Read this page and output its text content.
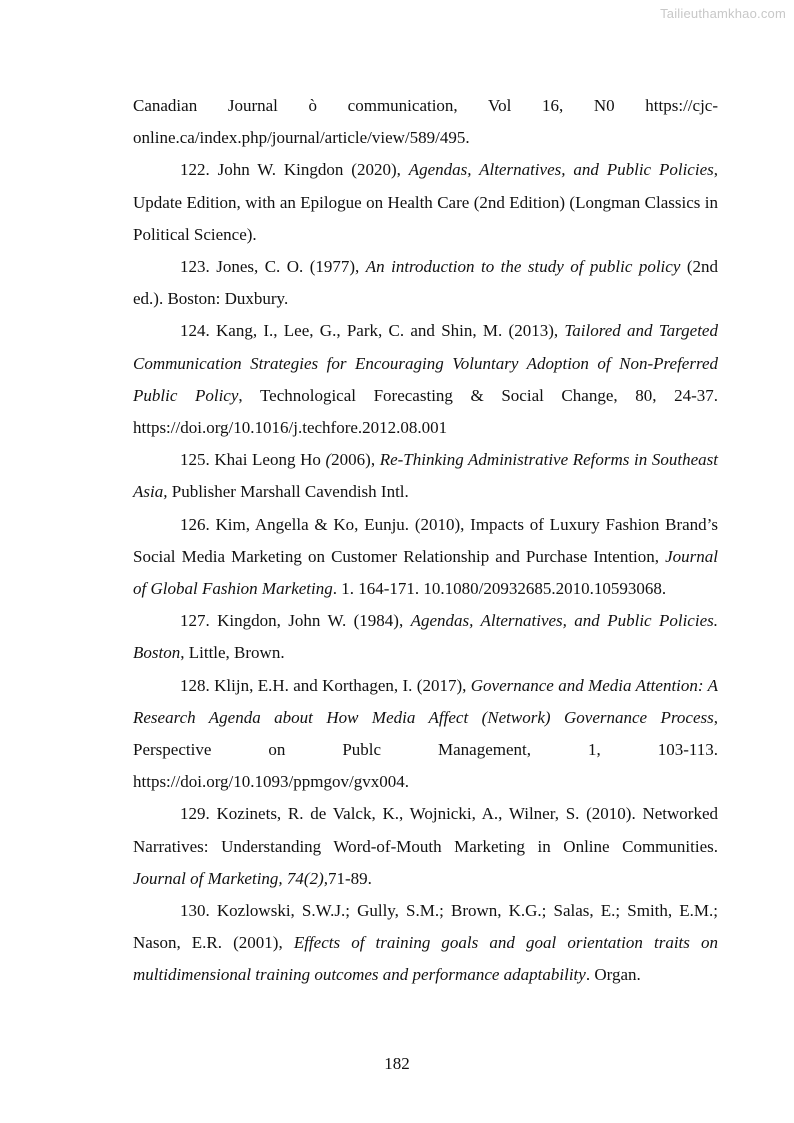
Tailieuthamkhao.com

Canadian Journal ò communication, Vol 16, N0 https://cjc-online.ca/index.php/journal/article/view/589/495.

122. John W. Kingdon (2020), Agendas, Alternatives, and Public Policies, Update Edition, with an Epilogue on Health Care (2nd Edition) (Longman Classics in Political Science).

123. Jones, C. O. (1977), An introduction to the study of public policy (2nd ed.). Boston: Duxbury.

124. Kang, I., Lee, G., Park, C. and Shin, M. (2013), Tailored and Targeted Communication Strategies for Encouraging Voluntary Adoption of Non-Preferred Public Policy, Technological Forecasting & Social Change, 80, 24-37. https://doi.org/10.1016/j.techfore.2012.08.001

125. Khai Leong Ho (2006), Re-Thinking Administrative Reforms in Southeast Asia, Publisher Marshall Cavendish Intl.

126. Kim, Angella & Ko, Eunju. (2010), Impacts of Luxury Fashion Brand’s Social Media Marketing on Customer Relationship and Purchase Intention, Journal of Global Fashion Marketing. 1. 164-171. 10.1080/20932685.2010.10593068.

127. Kingdon, John W. (1984), Agendas, Alternatives, and Public Policies. Boston, Little, Brown.

128. Klijn, E.H. and Korthagen, I. (2017), Governance and Media Attention: A Research Agenda about How Media Affect (Network) Governance Process, Perspective on Publc Management, 1, 103-113. https://doi.org/10.1093/ppmgov/gvx004.

129. Kozinets, R. de Valck, K., Wojnicki, A., Wilner, S. (2010). Networked Narratives: Understanding Word-of-Mouth Marketing in Online Communities. Journal of Marketing, 74(2),71-89.

130. Kozlowski, S.W.J.; Gully, S.M.; Brown, K.G.; Salas, E.; Smith, E.M.; Nason, E.R. (2001), Effects of training goals and goal orientation traits on multidimensional training outcomes and performance adaptability. Organ.

182
